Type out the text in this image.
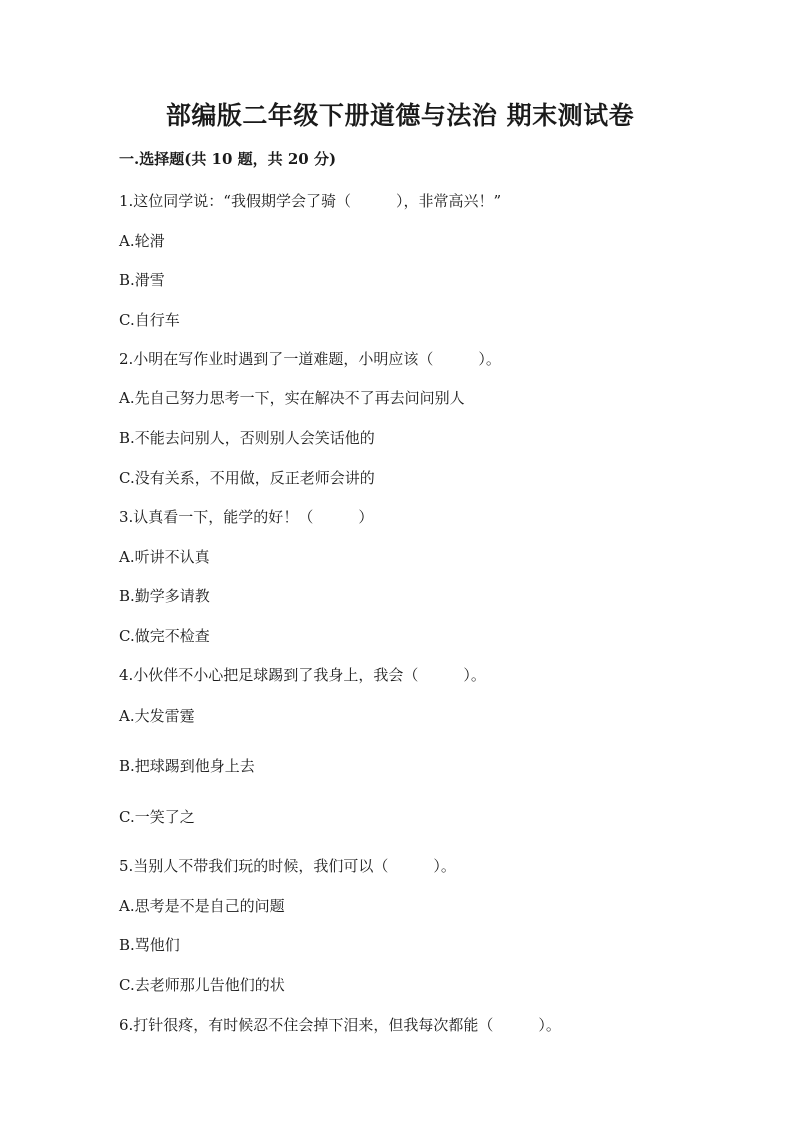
部编版二年级下册道德与法治 期末测试卷
一.选择题(共 10 题，共 20 分)
1.这位同学说：“我假期学会了骑（　　　），非常高兴！”
A.轮滑
B.滑雪
C.自行车
2.小明在写作业时遇到了一道难题，小明应该（　　　）。
A.先自己努力思考一下，实在解决不了再去问问别人
B.不能去问别人，否则别人会笑话他的
C.没有关系，不用做，反正老师会讲的
3.认真看一下，能学的好！（　　　）
A.听讲不认真
B.勤学多请教
C.做完不检查
4.小伙伴不小心把足球踢到了我身上，我会（　　　）。
A.大发雷霆
B.把球踢到他身上去
C.一笑了之
5.当别人不带我们玩的时候，我们可以（　　　）。
A.思考是不是自己的问题
B.骂他们
C.去老师那儿告他们的状
6.打针很疼，有时候忍不住会掉下泪来，但我每次都能（　　　）。
